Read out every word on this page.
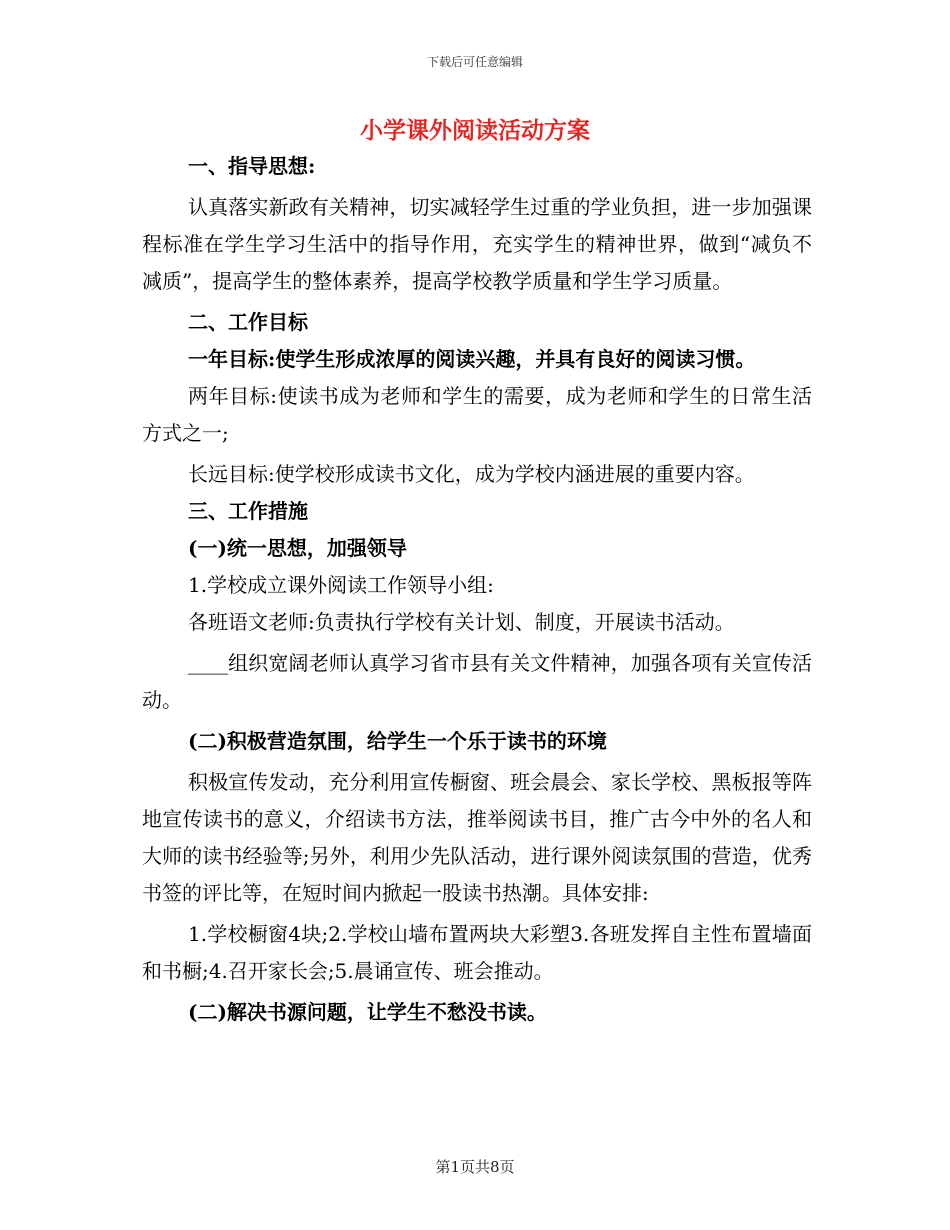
下载后可任意编辑
小学课外阅读活动方案

一、指导思想:

认真落实新政有关精神，切实减轻学生过重的学业负担，进一步加强课程标准在学生学习生活中的指导作用，充实学生的精神世界，做到“减负不减质”，提高学生的整体素养，提高学校教学质量和学生学习质量。

二、工作目标

一年目标:使学生形成浓厚的阅读兴趣，并具有良好的阅读习惯。

两年目标:使读书成为老师和学生的需要，成为老师和学生的日常生活方式之一;

长远目标:使学校形成读书文化，成为学校内涵进展的重要内容。

三、工作措施

(一)统一思想，加强领导

1.学校成立课外阅读工作领导小组:

各班语文老师:负责执行学校有关计划、制度，开展读书活动。

____组织宽阔老师认真学习省市县有关文件精神，加强各项有关宣传活动。

(二)积极营造氛围，给学生一个乐于读书的环境

积极宣传发动，充分利用宣传橱窗、班会晨会、家长学校、黑板报等阵地宣传读书的意义，介绍读书方法，推举阅读书目，推广古今中外的名人和大师的读书经验等;另外，利用少先队活动，进行课外阅读氛围的营造，优秀书签的评比等，在短时间内掀起一股读书热潮。具体安排:

1.学校橱窗4块;2.学校山墙布置两块大彩塑3.各班发挥自主性布置墙面和书橱;4.召开家长会;5.晨诵宣传、班会推动。

(二)解决书源问题，让学生不愁没书读。

第1页共8页
